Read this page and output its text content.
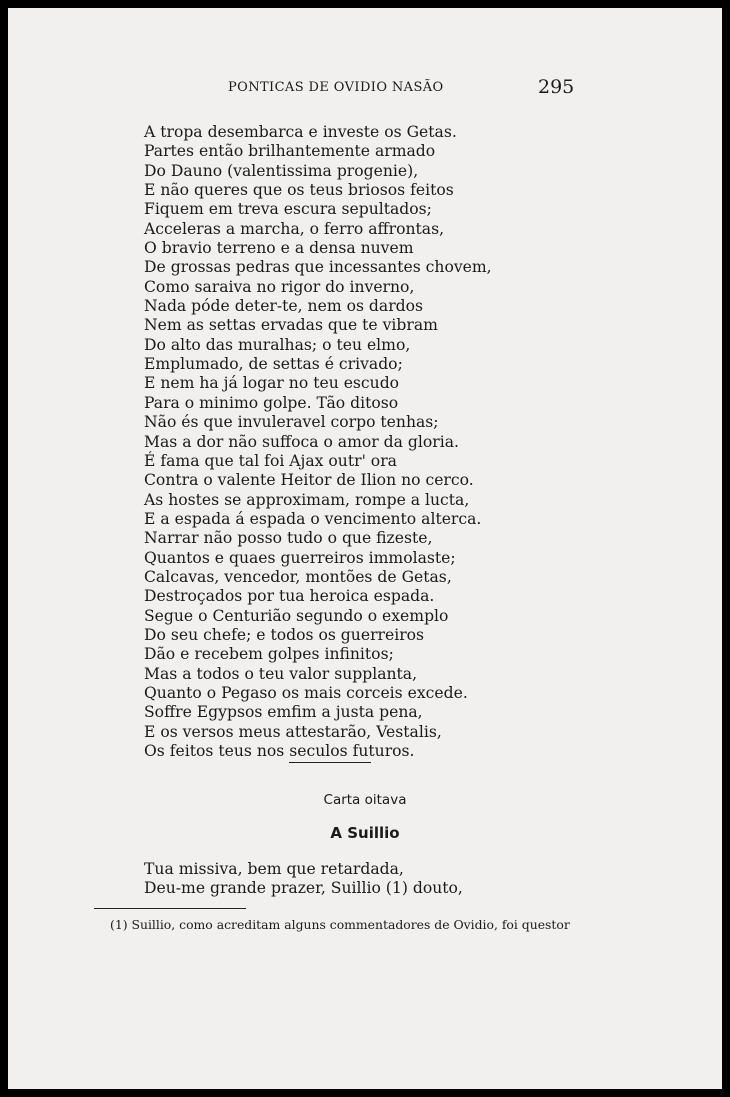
PONTICAS DE OVIDIO NASÃO	295
A tropa desembarca e investe os Getas.
Partes então brilhantemente armado
Do Dauno (valentissima progenie),
E não queres que os teus briosos feitos
Fiquem em treva escura sepultados;
Acceleras a marcha, o ferro affrontas,
O bravio terreno e a densa nuvem
De grossas pedras que incessantes chovem,
Como saraiva no rigor do inverno,
Nada póde deter-te, nem os dardos
Nem as settas ervadas que te vibram
Do alto das muralhas; o teu elmo,
Emplumado, de settas é crivado;
E nem ha já logar no teu escudo
Para o minimo golpe. Tão ditoso
Não és que invuleravel corpo tenhas;
Mas a dor não suffoca o amor da gloria.
É fama que tal foi Ajax outr' ora
Contra o valente Heitor de Ilion no cerco.
As hostes se approximam, rompe a lucta,
E a espada á espada o vencimento alterca.
Narrar não posso tudo o que fizeste,
Quantos e quaes guerreiros immolaste;
Calcavas, vencedor, montões de Getas,
Destroçados por tua heroica espada.
Segue o Centurião segundo o exemplo
Do seu chefe; e todos os guerreiros
Dão e recebem golpes infinitos;
Mas a todos o teu valor supplanta,
Quanto o Pegaso os mais corceis excede.
Soffre Egypsos emfim a justa pena,
E os versos meus attestarão, Vestalis,
Os feitos teus nos seculos futuros.
Carta oitava
A Suillio
Tua missiva, bem que retardada,
Deu-me grande prazer, Suillio (1) douto,
(1) Suillio, como acreditam alguns commentadores de Ovidio, foi questor
